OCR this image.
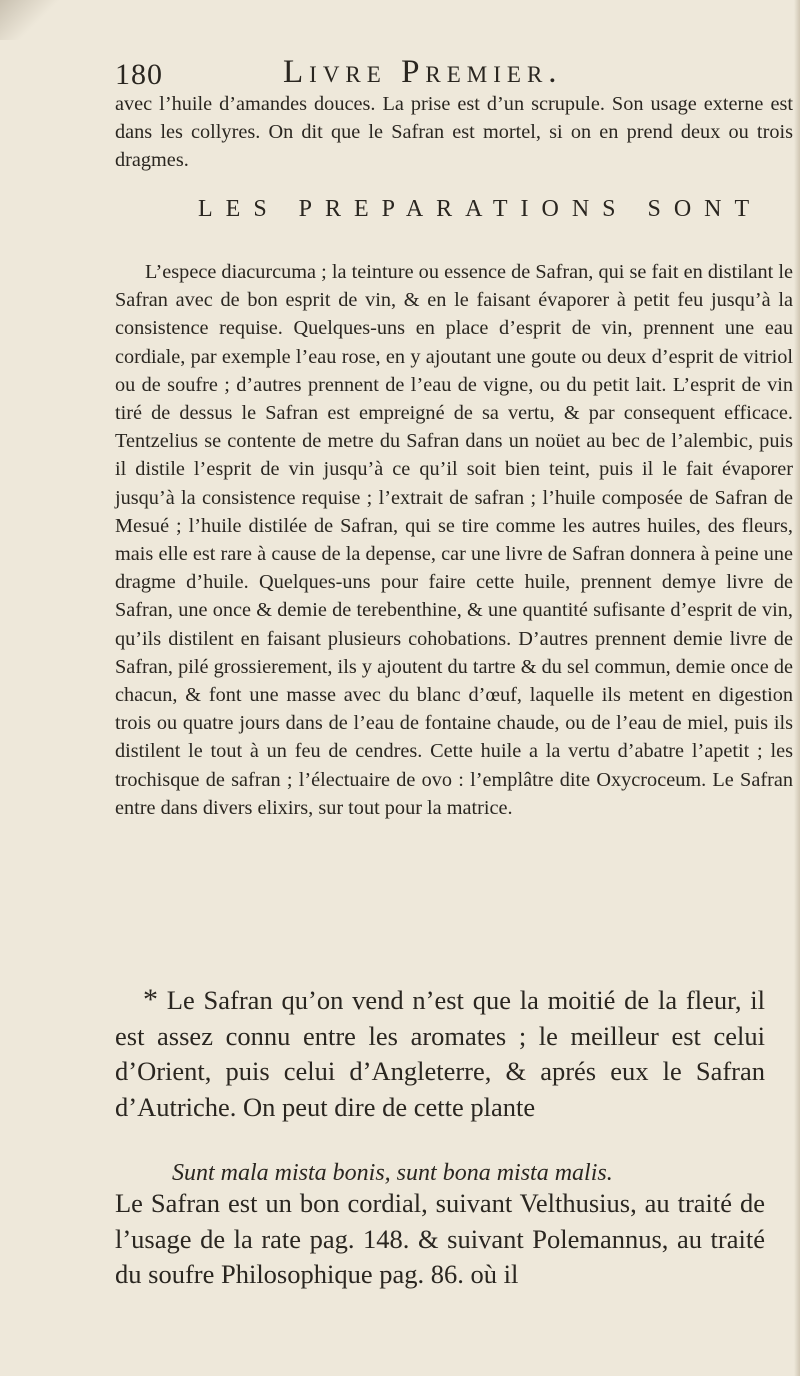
180	Livre Premier.

avec l’huile d’amandes douces. La prise est d’un scrupule. Son usage externe est dans les collyres. On dit que le Safran est mortel, si on en prend deux ou trois dragmes.

LES PREPARATIONS SONT

L’espece diacurcuma ; la teinture ou essence de Safran, qui se fait en distilant le Safran avec de bon esprit de vin, & en le faisant évaporer à petit feu jusqu’à la consistence requise. Quelques-uns en place d’esprit de vin, prennent une eau cordiale, par exemple l’eau rose, en y ajoutant une goute ou deux d’esprit de vitriol ou de soufre ; d’autres prennent de l’eau de vigne, ou du petit lait. L’esprit de vin tiré de dessus le Safran est empreigné de sa vertu, & par consequent efficace. Tentzelius se contente de metre du Safran dans un noüet au bec de l’alembic, puis il distile l’esprit de vin jusqu’à ce qu’il soit bien teint, puis il le fait évaporer jusqu’à la consistence requise ; l’extrait de safran ; l’huile composée de Safran de Mesué ; l’huile distilée de Safran, qui se tire comme les autres huiles, des fleurs, mais elle est rare à cause de la depense, car une livre de Safran donnera à peine une dragme d’huile. Quelques-uns pour faire cette huile, prennent demye livre de Safran, une once & demie de terebenthine, & une quantité sufisante d’esprit de vin, qu’ils distilent en faisant plusieurs cohobations. D’autres prennent demie livre de Safran, pilé grossierement, ils y ajoutent du tartre & du sel commun, demie once de chacun, & font une masse avec du blanc d’œuf, laquelle ils metent en digestion trois ou quatre jours dans de l’eau de fontaine chaude, ou de l’eau de miel, puis ils distilent le tout à un feu de cendres. Cette huile a la vertu d’abatre l’apetit ; les trochisque de safran ; l’électuaire de ovo : l’emplâtre dite Oxycroceum. Le Safran entre dans divers elixirs, sur tout pour la matrice.

* Le Safran qu’on vend n’est que la moitié de la fleur, il est assez connu entre les aromates ; le meilleur est celui d’Orient, puis celui d’Angleterre, & aprés eux le Safran d’Autriche. On peut dire de cette plante

Sunt mala mista bonis, sunt bona mista malis.

Le Safran est un bon cordial, suivant Velthusius, au traité de l’usage de la rate pag. 148. & suivant Polemannus, au traité du soufre Philosophique pag. 86. où il
